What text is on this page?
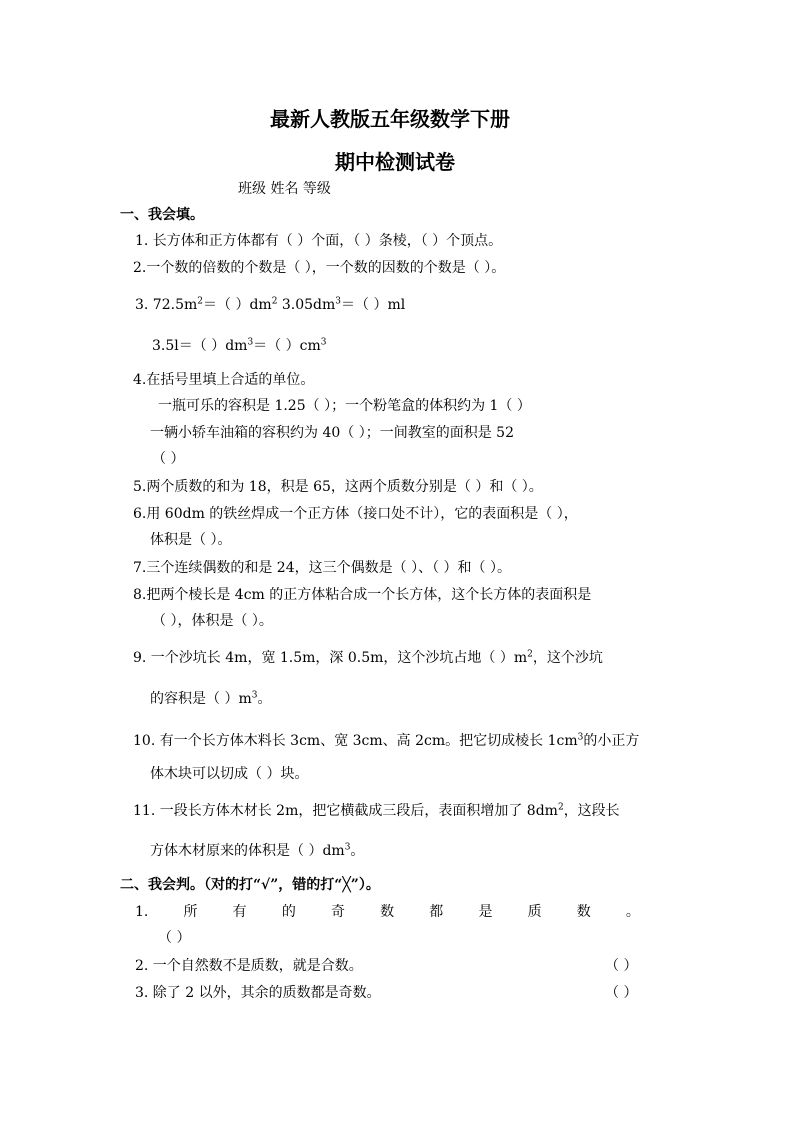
最新人教版五年级数学下册
期中检测试卷
班级 姓名 等级
一、我会填。
1. 长方体和正方体都有（ ）个面，（ ）条棱，（ ）个顶点。
2.一个数的倍数的个数是（ ），一个数的因数的个数是（ ）。
3. $72.5m^2=$（ ）$dm^2$ $3.05dm^3=$（ ）ml
3.5l＝（ ）$dm^3=$（ ）$cm^3$
4.在括号里填上合适的单位。
一瓶可乐的容积是 1.25（ ）；一个粉笔盒的体积约为 1（ ）
一辆小轿车油箱的容积约为 40（ ）；一间教室的面积是 52
（ ）
5.两个质数的和为 18，积是 65，这两个质数分别是（ ）和（ ）。
6.用 60dm 的铁丝焊成一个正方体（接口处不计），它的表面积是（ ），
体积是（ ）。
7.三个连续偶数的和是 24，这三个偶数是（ ）、（ ）和（ ）。
8.把两个棱长是 4cm 的正方体粘合成一个长方体，这个长方体的表面积是
（ ），体积是（ ）。
9. 一个沙坑长 4m，宽 1.5m，深 0.5m，这个沙坑占地（ ）$m^2$，这个沙坑
的容积是（ ）$m^3$。
10. 有一个长方体木料长 3cm、宽 3cm、高 2cm。把它切成棱长 $1cm^3$的小正方
体木块可以切成（ ）块。
11. 一段长方体木材长 2m，把它横截成三段后，表面积增加了 $8dm^2$，这段长
方体木材原来的体积是（ ）$dm^3$。
二、我会判。（对的打“√”，错的打“╳”）。
1.	所	有	的	奇	数	都	是	质	数	。
（ ）
2. 一个自然数不是质数，就是合数。	（ ）
3. 除了 2 以外，其余的质数都是奇数。	（ ）
